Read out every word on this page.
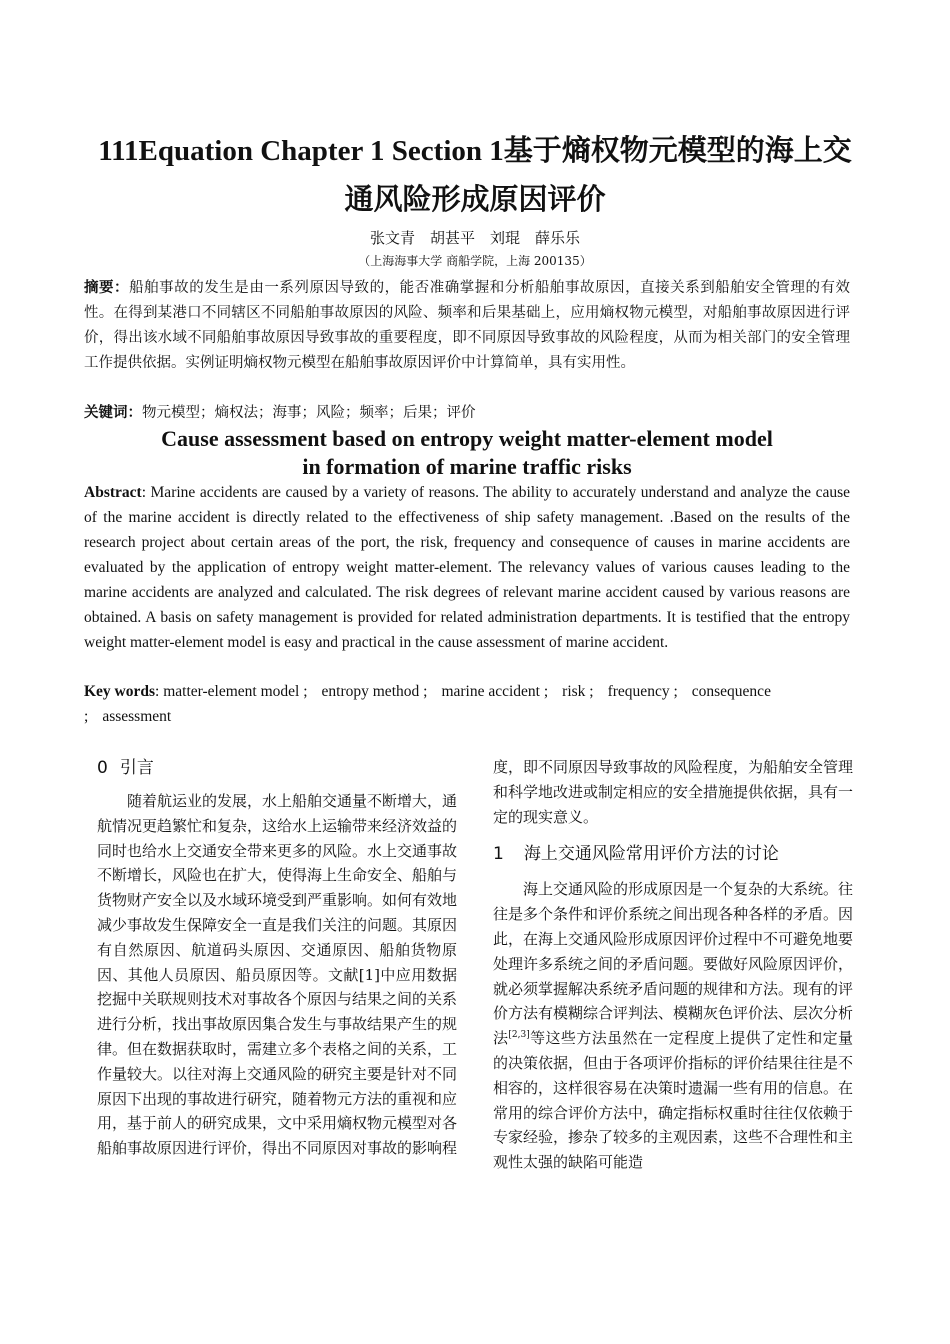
111Equation Chapter 1 Section 1基于熵权物元模型的海上交
通风险形成原因评价
张文青　胡甚平　刘琨　薛乐乐
（上海海事大学 商船学院，上海 200135）
摘要：船舶事故的发生是由一系列原因导致的，能否准确掌握和分析船舶事故原因，直接关系到船舶安全管理的有效性。在得到某港口不同辖区不同船舶事故原因的风险、频率和后果基础上，应用熵权物元模型，对船舶事故原因进行评价，得出该水域不同船舶事故原因导致事故的重要程度，即不同原因导致事故的风险程度，从而为相关部门的安全管理工作提供依据。实例证明熵权物元模型在船舶事故原因评价中计算简单，具有实用性。
关键词：物元模型；熵权法；海事；风险；频率；后果；评价
Cause assessment based on entropy weight matter-element model
in formation of marine traffic risks
Abstract: Marine accidents are caused by a variety of reasons. The ability to accurately understand and analyze the cause of the marine accident is directly related to the effectiveness of ship safety management. .Based on the results of the research project about certain areas of the port, the risk, frequency and consequence of causes in marine accidents are evaluated by the application of entropy weight matter-element. The relevancy values of various causes leading to the marine accidents are analyzed and calculated. The risk degrees of relevant marine accident caused by various reasons are obtained. A basis on safety management is provided for related administration departments. It is testified that the entropy weight matter-element model is easy and practical in the cause assessment of marine accident.
Key words: matter-element model ; entropy method ; marine accident ; risk ; frequency ; consequence ; assessment
0 引言

随着航运业的发展，水上船舶交通量不断增大，通航情况更趋繁忙和复杂，这给水上运输带来经济效益的同时也给水上交通安全带来更多的风险。水上交通事故不断增长，风险也在扩大，使得海上生命安全、船舶与货物财产安全以及水域环境受到严重影响。如何有效地减少事故发生保障安全一直是我们关注的问题。其原因有自然原因、航道码头原因、交通原因、船舶货物原因、其他人员原因、船员原因等。文献[1]中应用数据挖掘中关联规则技术对事故各个原因与结果之间的关系进行分析，找出事故原因集合发生与事故结果产生的规律。但在数据获取时，需建立多个表格之间的关系，工作量较大。以往对海上交通风险的研究主要是针对不同原因下出现的事故进行研究，随着物元方法的重视和应用，基于前人的研究成果，文中采用熵权物元模型对各船舶事故原因进行评价，得出不同原因对事故的影响程

度，即不同原因导致事故的风险程度，为船舶安全管理和科学地改进或制定相应的安全措施提供依据，具有一定的现实意义。

1 海上交通风险常用评价方法的讨论

海上交通风险的形成原因是一个复杂的大系统。往往是多个条件和评价系统之间出现各种各样的矛盾。因此，在海上交通风险形成原因评价过程中不可避免地要处理许多系统之间的矛盾问题。要做好风险原因评价，就必须掌握解决系统矛盾问题的规律和方法。现有的评价方法有模糊综合评判法、模糊灰色评价法、层次分析法[2,3]等这些方法虽然在一定程度上提供了定性和定量的决策依据，但由于各项评价指标的评价结果往往是不相容的，这样很容易在决策时遗漏一些有用的信息。在常用的综合评价方法中，确定指标权重时往往仅依赖于专家经验，掺杂了较多的主观因素，这些不合理性和主观性太强的缺陷可能造
